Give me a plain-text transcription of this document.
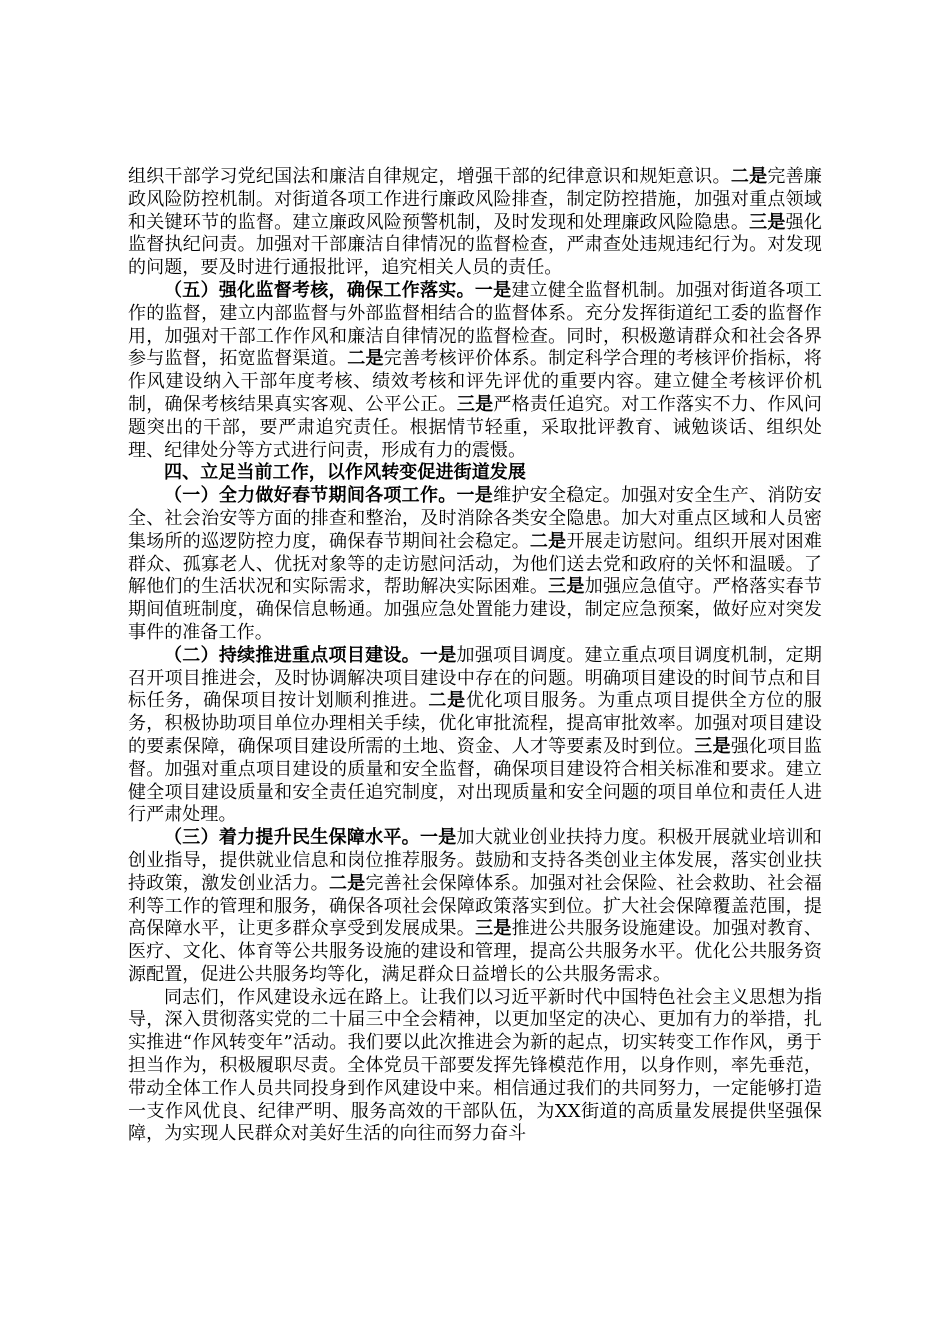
组织干部学习党纪国法和廉洁自律规定，增强干部的纪律意识和规矩意识。二是完善廉政风险防控机制。对街道各项工作进行廉政风险排查，制定防控措施，加强对重点领域和关键环节的监督。建立廉政风险预警机制，及时发现和处理廉政风险隐患。三是强化监督执纪问责。加强对干部廉洁自律情况的监督检查，严肃查处违规违纪行为。对发现的问题，要及时进行通报批评，追究相关人员的责任。

（五）强化监督考核，确保工作落实。一是建立健全监督机制。加强对街道各项工作的监督，建立内部监督与外部监督相结合的监督体系。充分发挥街道纪工委的监督作用，加强对干部工作作风和廉洁自律情况的监督检查。同时，积极邀请群众和社会各界参与监督，拓宽监督渠道。二是完善考核评价体系。制定科学合理的考核评价指标，将作风建设纳入干部年度考核、绩效考核和评先评优的重要内容。建立健全考核评价机制，确保考核结果真实客观、公平公正。三是严格责任追究。对工作落实不力、作风问题突出的干部，要严肃追究责任。根据情节轻重，采取批评教育、诫勉谈话、组织处理、纪律处分等方式进行问责，形成有力的震慑。

四、立足当前工作，以作风转变促进街道发展

（一）全力做好春节期间各项工作。一是维护安全稳定。加强对安全生产、消防安全、社会治安等方面的排查和整治，及时消除各类安全隐患。加大对重点区域和人员密集场所的巡逻防控力度，确保春节期间社会稳定。二是开展走访慰问。组织开展对困难群众、孤寡老人、优抚对象等的走访慰问活动，为他们送去党和政府的关怀和温暖。了解他们的生活状况和实际需求，帮助解决实际困难。三是加强应急值守。严格落实春节期间值班制度，确保信息畅通。加强应急处置能力建设，制定应急预案，做好应对突发事件的准备工作。

（二）持续推进重点项目建设。一是加强项目调度。建立重点项目调度机制，定期召开项目推进会，及时协调解决项目建设中存在的问题。明确项目建设的时间节点和目标任务，确保项目按计划顺利推进。二是优化项目服务。为重点项目提供全方位的服务，积极协助项目单位办理相关手续，优化审批流程，提高审批效率。加强对项目建设的要素保障，确保项目建设所需的土地、资金、人才等要素及时到位。三是强化项目监督。加强对重点项目建设的质量和安全监督，确保项目建设符合相关标准和要求。建立健全项目建设质量和安全责任追究制度，对出现质量和安全问题的项目单位和责任人进行严肃处理。

（三）着力提升民生保障水平。一是加大就业创业扶持力度。积极开展就业培训和创业指导，提供就业信息和岗位推荐服务。鼓励和支持各类创业主体发展，落实创业扶持政策，激发创业活力。二是完善社会保障体系。加强对社会保险、社会救助、社会福利等工作的管理和服务，确保各项社会保障政策落实到位。扩大社会保障覆盖范围，提高保障水平，让更多群众享受到发展成果。三是推进公共服务设施建设。加强对教育、医疗、文化、体育等公共服务设施的建设和管理，提高公共服务水平。优化公共服务资源配置，促进公共服务均等化，满足群众日益增长的公共服务需求。

同志们，作风建设永远在路上。让我们以习近平新时代中国特色社会主义思想为指导，深入贯彻落实党的二十届三中全会精神，以更加坚定的决心、更加有力的举措，扎实推进“作风转变年”活动。我们要以此次推进会为新的起点，切实转变工作作风，勇于担当作为，积极履职尽责。全体党员干部要发挥先锋模范作用，以身作则，率先垂范，带动全体工作人员共同投身到作风建设中来。相信通过我们的共同努力，一定能够打造一支作风优良、纪律严明、服务高效的干部队伍，为XX街道的高质量发展提供坚强保障，为实现人民群众对美好生活的向往而努力奋斗
